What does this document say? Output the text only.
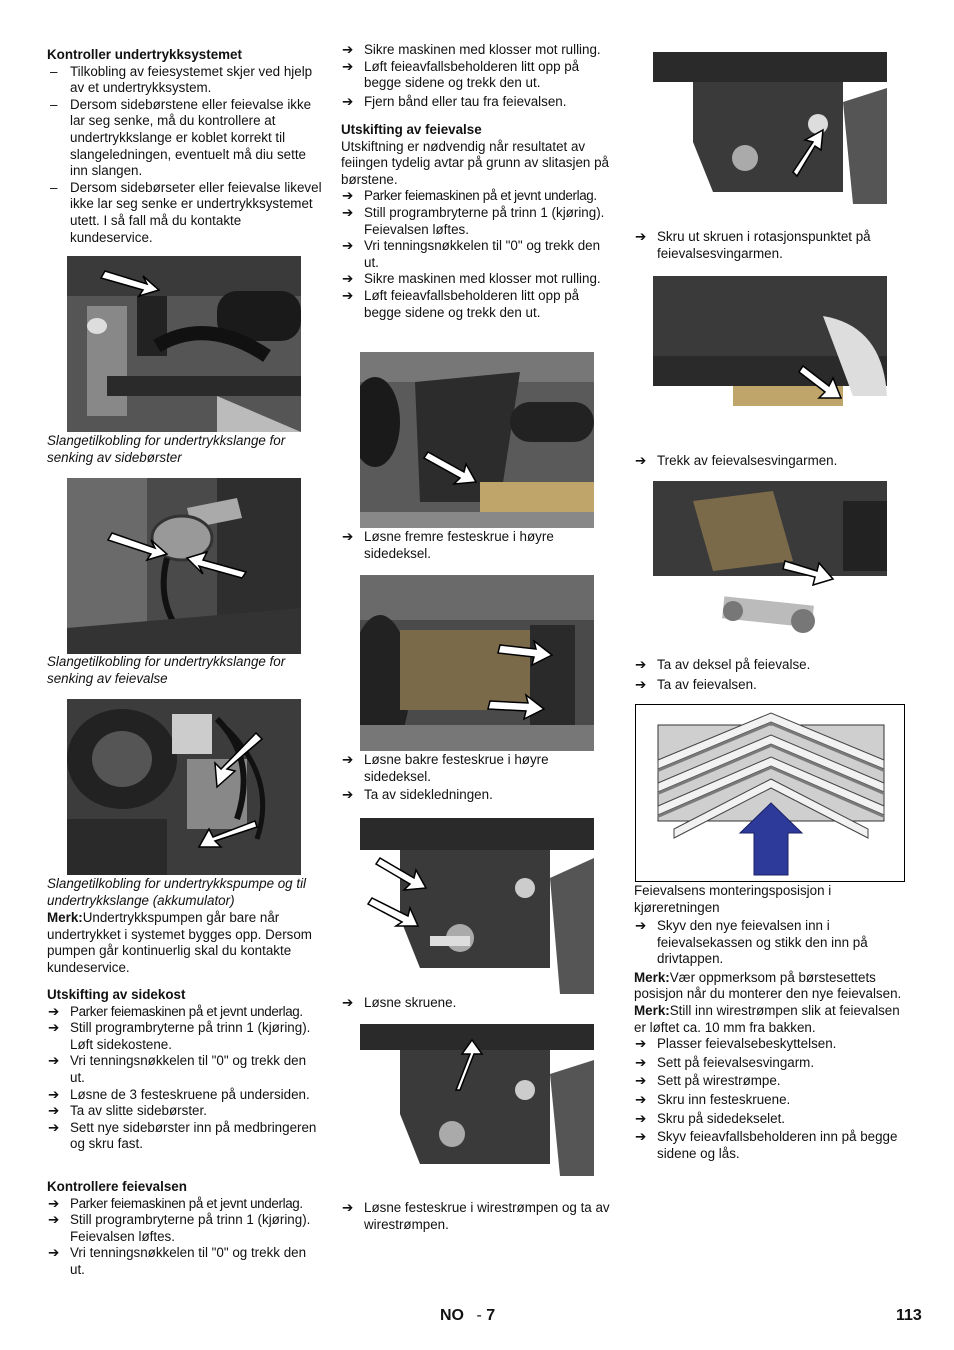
Kontroller undertrykksystemet
– Tilkobling av feiesystemet skjer ved hjelp av et undertrykksystem.
– Dersom sidebørstene eller feievalse ikke lar seg senke, må du kontrollere at undertrykkslange er koblet korrekt til slangeledningen, eventuelt må diu sette inn slangen.
– Dersom sidebørseter eller feievalse likevel ikke lar seg senke er undertrykksystemet utett. I så fall må du kontakte kundeservice.
Slangetilkobling for undertrykkslange for senking av sidebørster
Slangetilkobling for undertrykkslange for senking av feievalse
Slangetilkobling for undertrykkspumpe og til undertrykkslange (akkumulator)
Merk:Undertrykkspumpen går bare når undertrykket i systemet bygges opp. Dersom pumpen går kontinuerlig skal du kontakte kundeservice.
Utskifting av sidekost
➔ Parker feiemaskinen på et jevnt underlag.
➔ Still programbryterne på trinn 1 (kjøring). Løft sidekostene.
➔ Vri tenningsnøkkelen til "0" og trekk den ut.
➔ Løsne de 3 festeskruene på undersiden.
➔ Ta av slitte sidebørster.
➔ Sett nye sidebørster inn på medbringeren og skru fast.
Kontrollere feievalsen
➔ Parker feiemaskinen på et jevnt underlag.
➔ Still programbryterne på trinn 1 (kjøring). Feievalsen løftes.
➔ Vri tenningsnøkkelen til "0" og trekk den ut.
➔ Sikre maskinen med klosser mot rulling.
➔ Løft feieavfallsbeholderen litt opp på begge sidene og trekk den ut.
➔ Fjern bånd eller tau fra feievalsen.
Utskifting av feievalse
Utskiftning er nødvendig når resultatet av feiingen tydelig avtar på grunn av slitasjen på børstene.
➔ Parker feiemaskinen på et jevnt underlag.
➔ Still programbryterne på trinn 1 (kjøring). Feievalsen løftes.
➔ Vri tenningsnøkkelen til "0" og trekk den ut.
➔ Sikre maskinen med klosser mot rulling.
➔ Løft feieavfallsbeholderen litt opp på begge sidene og trekk den ut.
➔ Løsne fremre festeskrue i høyre sidedeksel.
➔ Løsne bakre festeskrue i høyre sidedeksel.
➔ Ta av sidekledningen.
➔ Løsne skruene.
➔ Løsne festeskrue i wirestrømpen og ta av wirestrømpen.
➔ Skru ut skruen i rotasjonspunktet på feievalsesvingarmen.
➔ Trekk av feievalsesvingarmen.
➔ Ta av deksel på feievalse.
➔ Ta av feievalsen.
Feievalsens monteringsposisjon i kjøreretningen
➔ Skyv den nye feievalsen inn i feievalsekassen og stikk den inn på drivtappen.
Merk:Vær oppmerksom på børstesettets posisjon når du monterer den nye feievalsen.
Merk:Still inn wirestrømpen slik at feievalsen er løftet ca. 10 mm fra bakken.
➔ Plasser feievalsebeskyttelsen.
➔ Sett på feievalsesvingarm.
➔ Sett på wirestrømpe.
➔ Skru inn festeskruene.
➔ Skru på sidedekselet.
➔ Skyv feieavfallsbeholderen inn på begge sidene og lås.
NO - 7	113
